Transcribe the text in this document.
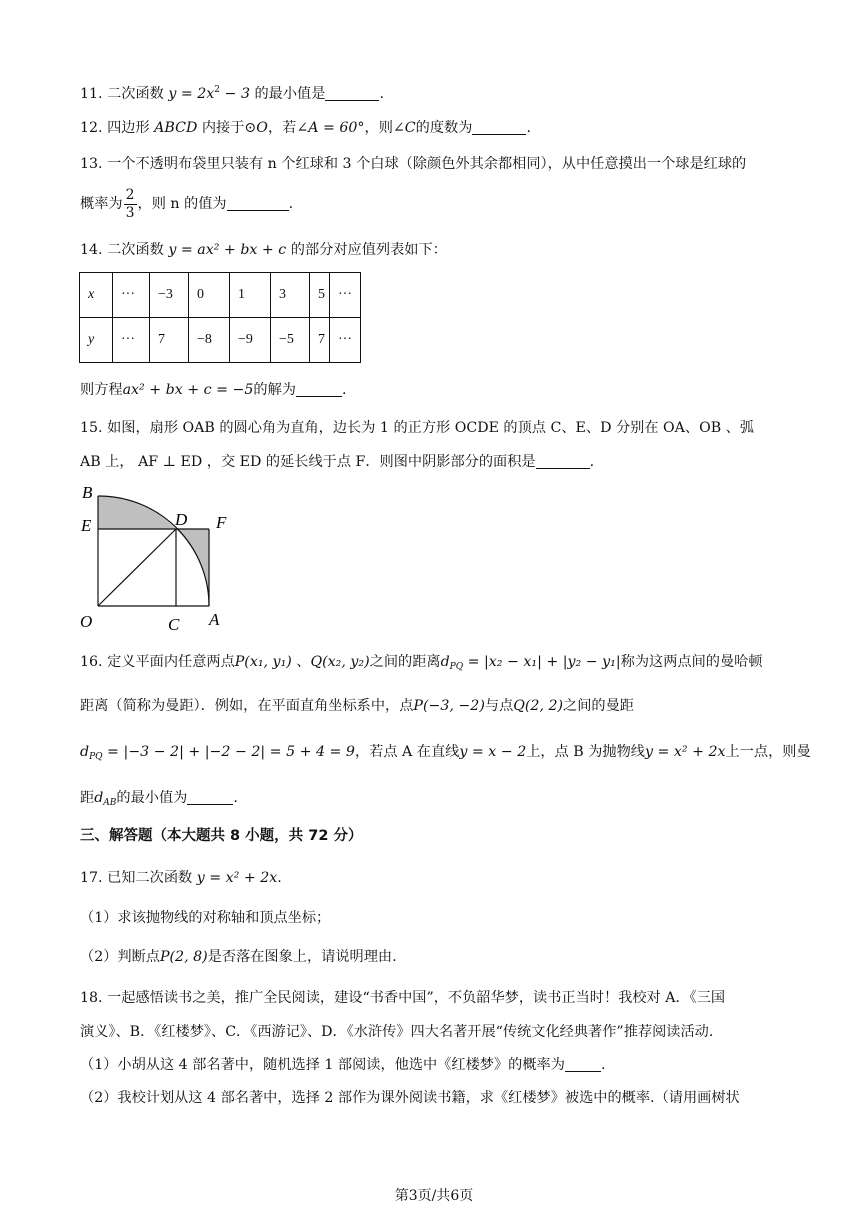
11. 二次函数 $y = 2x^2 - 3$ 的最小值是	.
12. 四边形 ABCD 内接于⊙O，若∠A = 60°，则∠C的度数为	.
13. 一个不透明布袋里只装有 n 个红球和 3 个白球（除颜色外其余都相同），从中任意摸出一个球是红球的
概率为 $\frac{2}{3}$ ，则 n 的值为	.
14. 二次函数 y = ax² + bx + c 的部分对应值列表如下：
x	···	−3	0	1	3	5	···
y	···	7	−8	−9	−5	7	···
则方程ax² + bx + c = −5的解为	.
15. 如图，扇形 OAB 的圆心角为直角，边长为 1 的正方形 OCDE 的顶点 C、E、D 分别在 OA、OB 、弧
AB 上， AF ⊥ ED ，交 ED 的延长线于点 F．则图中阴影部分的面积是	.
B
E	D F
O	C A
16. 定义平面内任意两点P(x₁, y₁) 、Q(x₂, y₂)之间的距离$d_{PQ} = |x_2 - x_1| + |y_2 - y_1|$称为这两点间的曼哈顿
距离（简称为曼距）．例如，在平面直角坐标系中，点P(−3, −2)与点Q(2, 2)之间的曼距
$d_{PQ} = |-3 - 2| + |-2 - 2| = 5 + 4 = 9$，若点 A 在直线y = x − 2上，点 B 为抛物线y = x² + 2x上一点，则曼
距$d_{AB}$的最小值为	.
三、解答题（本大题共 8 小题，共 72 分）
17. 已知二次函数 y = x² + 2x.
（1）求该抛物线的对称轴和顶点坐标；
（2）判断点P(2, 8)是否落在图象上，请说明理由.
18. 一起感悟读书之美，推广全民阅读，建设“书香中国”，不负韶华梦，读书正当时！我校对 A．《三国
演义》、B．《红楼梦》、C．《西游记》、D．《水浒传》四大名著开展“传统文化经典著作”推荐阅读活动.
（1）小胡从这 4 部名著中，随机选择 1 部阅读，他选中《红楼梦》的概率为	.
（2）我校计划从这 4 部名著中，选择 2 部作为课外阅读书籍，求《红楼梦》被选中的概率.（请用画树状
第3页/共6页
